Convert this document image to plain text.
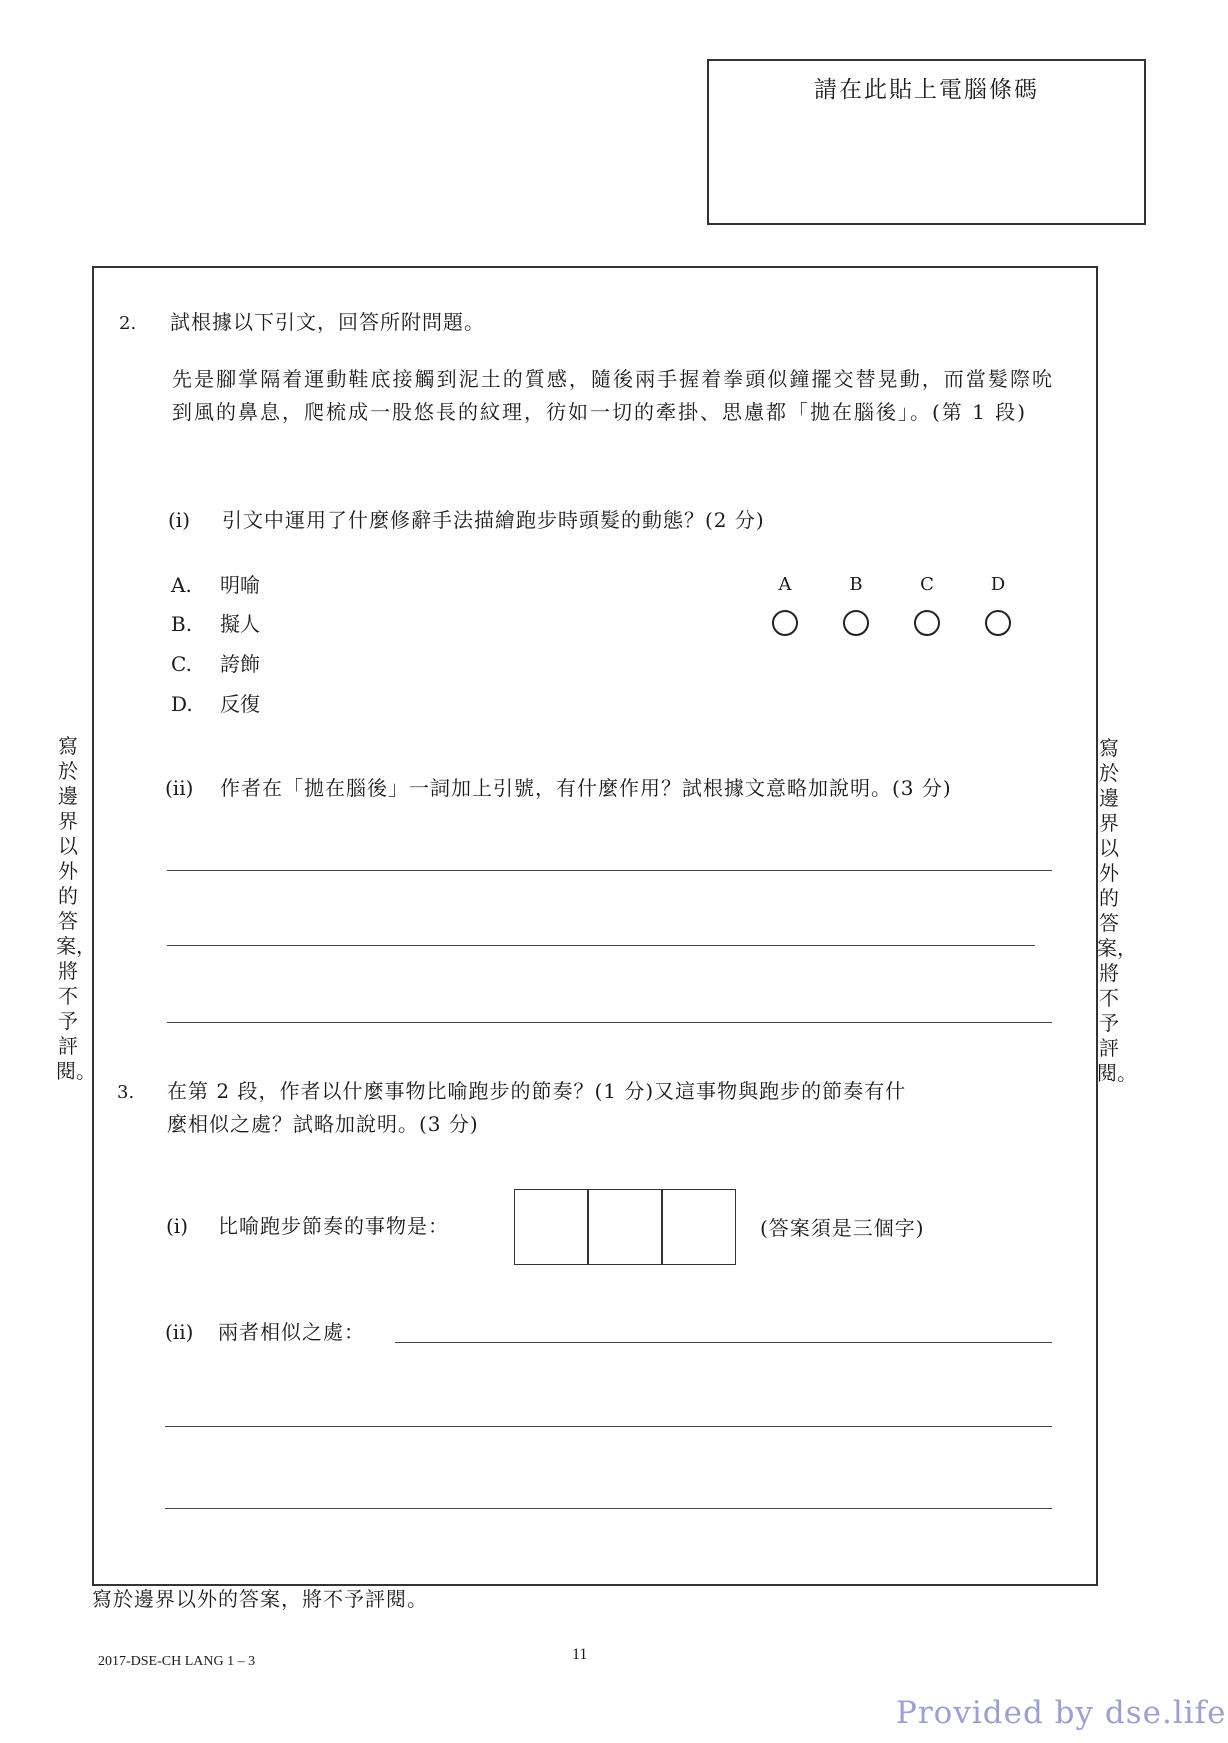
請在此貼上電腦條碼
2. 試根據以下引文，回答所附問題。
先是腳掌隔着運動鞋底接觸到泥土的質感，隨後兩手握着拳頭似鐘擺交替晃動，而當髮際吮到風的鼻息，爬梳成一股悠長的紋理，彷如一切的牽掛、思慮都「拋在腦後」。(第 1 段)
(i) 引文中運用了什麼修辭手法描繪跑步時頭髮的動態？(2 分)
A. 明喻
B. 擬人
C. 誇飾
D. 反復
A	B	C	D
(ii) 作者在「拋在腦後」一詞加上引號，有什麼作用？試根據文意略加說明。(3 分)
3. 在第 2 段，作者以什麼事物比喻跑步的節奏？(1 分)又這事物與跑步的節奏有什
麼相似之處？試略加說明。(3 分)
(i) 比喻跑步節奏的事物是：	(答案須是三個字)
(ii) 兩者相似之處：
寫於邊界以外的答案，將不予評閱。
寫於邊界以外的答案，將不予評閱。
寫於邊界以外的答案，將不予評閱。
2017-DSE-CH LANG 1 – 3	11
Provided by dse.life
